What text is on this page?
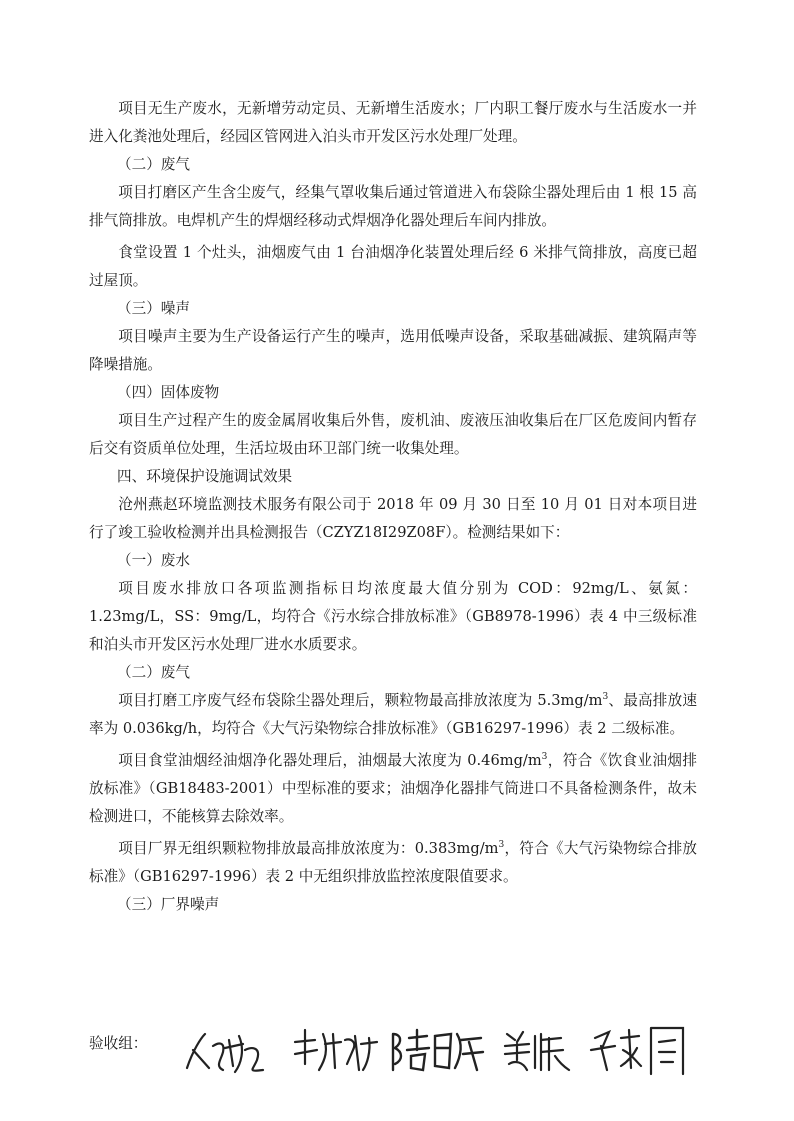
项目无生产废水，无新增劳动定员、无新增生活废水；厂内职工餐厅废水与生活废水一并进入化粪池处理后，经园区管网进入泊头市开发区污水处理厂处理。

（二）废气

项目打磨区产生含尘废气，经集气罩收集后通过管道进入布袋除尘器处理后由 1 根 15 高排气筒排放。电焊机产生的焊烟经移动式焊烟净化器处理后车间内排放。

食堂设置 1 个灶头，油烟废气由 1 台油烟净化装置处理后经 6 米排气筒排放，高度已超过屋顶。

（三）噪声

项目噪声主要为生产设备运行产生的噪声，选用低噪声设备，采取基础减振、建筑隔声等降噪措施。

（四）固体废物

项目生产过程产生的废金属屑收集后外售，废机油、废液压油收集后在厂区危废间内暂存后交有资质单位处理，生活垃圾由环卫部门统一收集处理。

四、环境保护设施调试效果

沧州燕赵环境监测技术服务有限公司于 2018 年 09 月 30 日至 10 月 01 日对本项目进行了竣工验收检测并出具检测报告（CZYZ18I29Z08F）。检测结果如下：

（一）废水

项目废水排放口各项监测指标日均浓度最大值分别为 COD：92mg/L、氨氮：1.23mg/L，SS：9mg/L，均符合《污水综合排放标准》（GB8978-1996）表 4 中三级标准和泊头市开发区污水处理厂进水水质要求。

（二）废气

项目打磨工序废气经布袋除尘器处理后，颗粒物最高排放浓度为 $5.3mg/m^3$、最高排放速率为 0.036kg/h，均符合《大气污染物综合排放标准》（GB16297-1996）表 2 二级标准。

项目食堂油烟经油烟净化器处理后，油烟最大浓度为 $0.46mg/m^3$，符合《饮食业油烟排放标准》（GB18483-2001）中型标准的要求；油烟净化器排气筒进口不具备检测条件，故未检测进口，不能核算去除效率。

项目厂界无组织颗粒物排放最高排放浓度为：$0.383mg/m^3$，符合《大气污染物综合排放标准》（GB16297-1996）表 2 中无组织排放监控浓度限值要求。

（三）厂界噪声
验收组：
